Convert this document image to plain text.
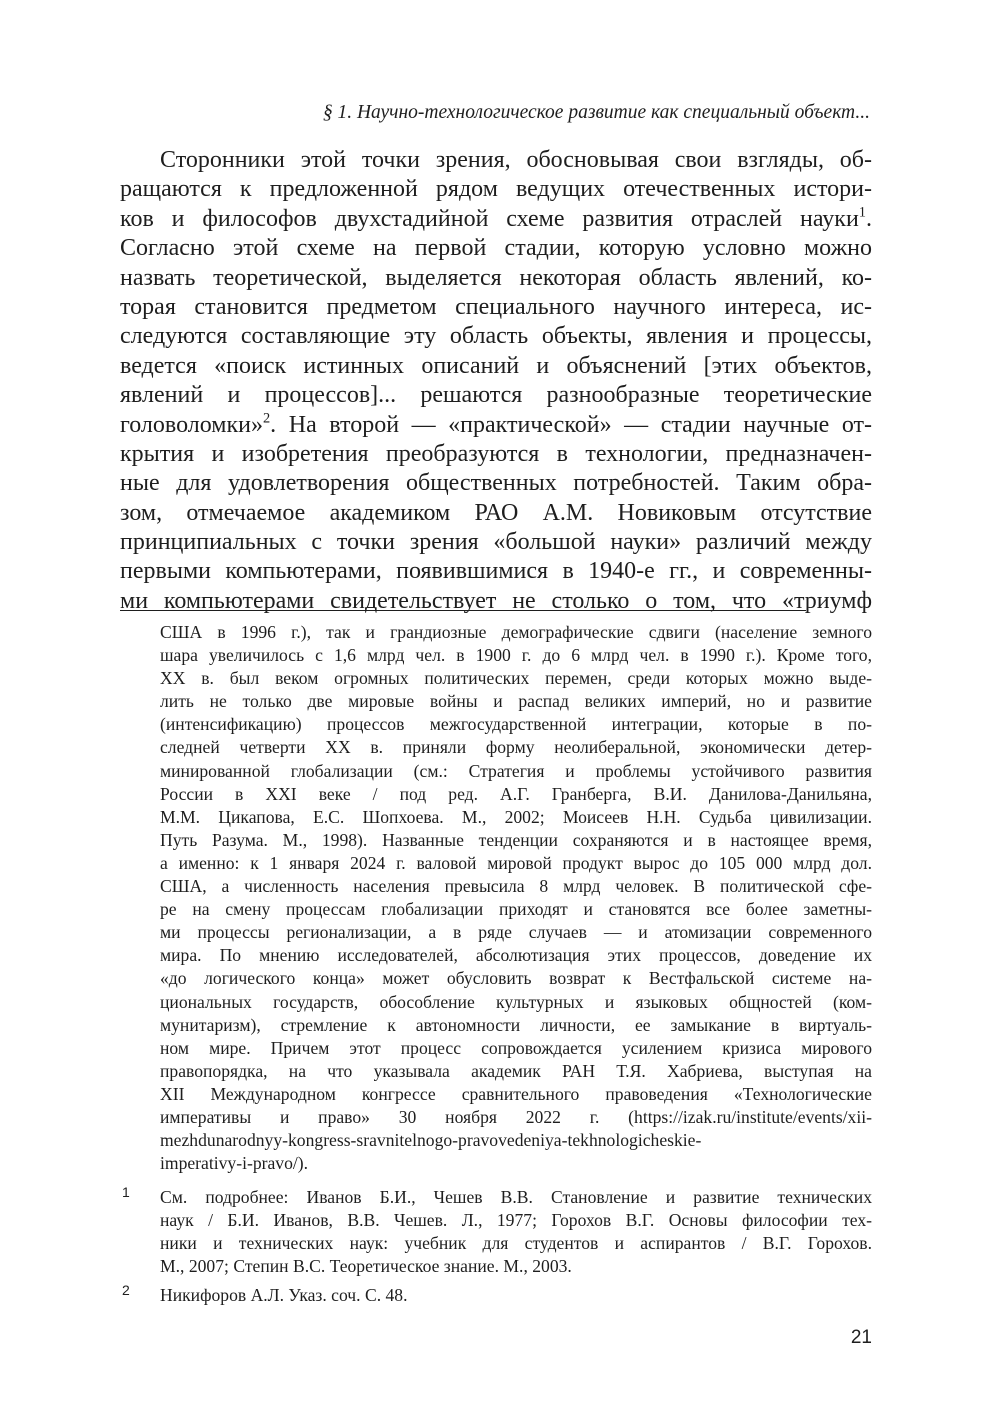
§ 1. Научно-технологическое развитие как специальный объект...
Сторонники этой точки зрения, обосновывая свои взгляды, об-
ращаются к предложенной рядом ведущих отечественных истори-
ков и философов двухстадийной схеме развития отраслей науки$^1$.
Согласно этой схеме на первой стадии, которую условно можно
назвать теоретической, выделяется некоторая область явлений, ко-
торая становится предметом специального научного интереса, ис-
следуются составляющие эту область объекты, явления и процессы,
ведется «поиск истинных описаний и объяснений [этих объектов,
явлений и процессов]... решаются разнообразные теоретические
головоломки»$^2$. На второй — «практической» — стадии научные от-
крытия и изобретения преобразуются в технологии, предназначен-
ные для удовлетворения общественных потребностей. Таким обра-
зом, отмечаемое академиком РАО А.М. Новиковым отсутствие
принципиальных с точки зрения «большой науки» различий между
первыми компьютерами, появившимися в 1940-е гг., и современны-
ми компьютерами свидетельствует не столько о том, что «триумф
США в 1996 г.), так и грандиозные демографические сдвиги (население земного
шара увеличилось с 1,6 млрд чел. в 1900 г. до 6 млрд чел. в 1990 г.). Кроме того,
XX в. был веком огромных политических перемен, среди которых можно выде-
лить не только две мировые войны и распад великих империй, но и развитие
(интенсификацию) процессов межгосударственной интеграции, которые в по-
следней четверти XX в. приняли форму неолиберальной, экономически детер-
минированной глобализации (см.: Стратегия и проблемы устойчивого развития
России в XXI веке / под ред. А.Г. Гранберга, В.И. Данилова-Данильяна,
М.М. Цикапова, Е.С. Шопхоева. М., 2002; Моисеев Н.Н. Судьба цивилизации.
Путь Разума. М., 1998). Названные тенденции сохраняются и в настоящее время,
а именно: к 1 января 2024 г. валовой мировой продукт вырос до 105 000 млрд дол.
США, а численность населения превысила 8 млрд человек. В политической сфе-
ре на смену процессам глобализации приходят и становятся все более заметны-
ми процессы регионализации, а в ряде случаев — и атомизации современного
мира. По мнению исследователей, абсолютизация этих процессов, доведение их
«до логического конца» может обусловить возврат к Вестфальской системе на-
циональных государств, обособление культурных и языковых общностей (ком-
мунитаризм), стремление к автономности личности, ее замыкание в виртуаль-
ном мире. Причем этот процесс сопровождается усилением кризиса мирового
правопорядка, на что указывала академик РАН Т.Я. Хабриева, выступая на
XII Международном конгрессе сравнительного правоведения «Технологические
императивы и право» 30 ноября 2022 г. (https://izak.ru/institute/events/xii-
mezhdunarodnyy-kongress-sravnitelnogo-pravovedeniya-tekhnologicheskie-
imperativy-i-pravo/).
1 См. подробнее: Иванов Б.И., Чешев В.В. Становление и развитие технических
наук / Б.И. Иванов, В.В. Чешев. Л., 1977; Горохов В.Г. Основы философии тех-
ники и технических наук: учебник для студентов и аспирантов / В.Г. Горохов.
М., 2007; Степин В.С. Теоретическое знание. М., 2003.
2 Никифоров А.Л. Указ. соч. С. 48.
21
